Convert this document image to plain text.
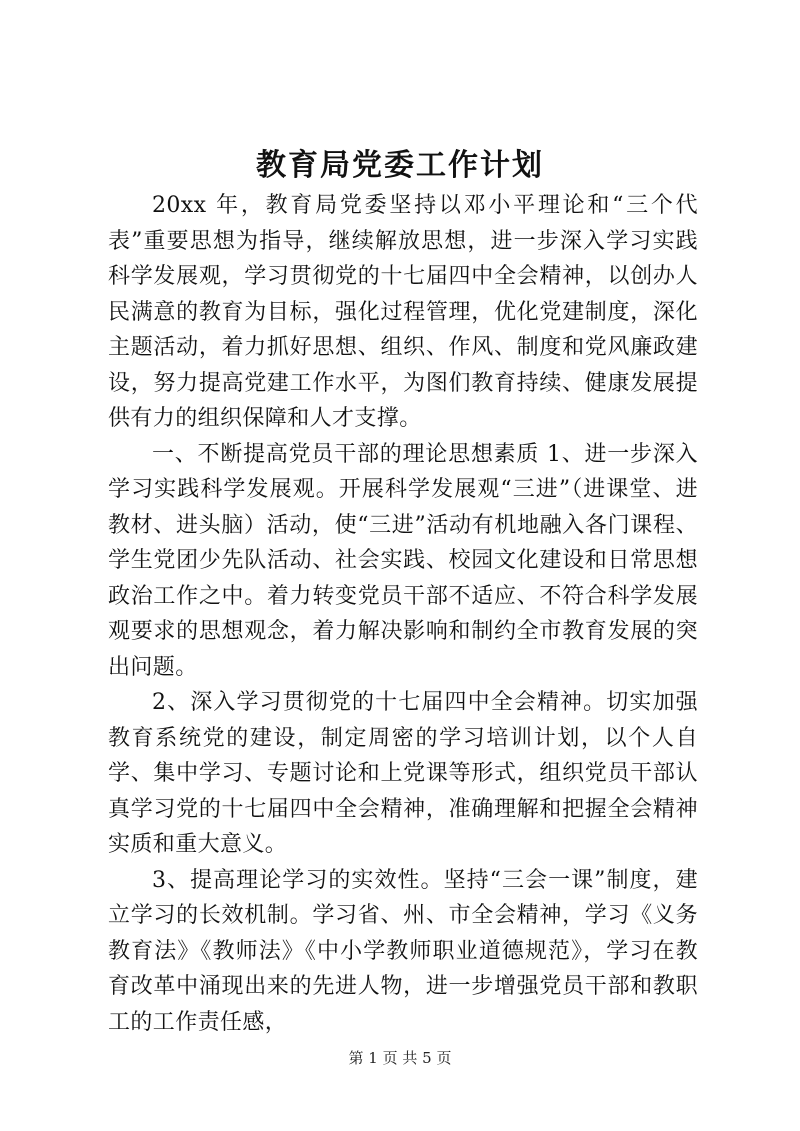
教育局党委工作计划

20xx 年，教育局党委坚持以邓小平理论和“三个代表”重要思想为指导，继续解放思想，进一步深入学习实践科学发展观，学习贯彻党的十七届四中全会精神，以创办人民满意的教育为目标，强化过程管理，优化党建制度，深化主题活动，着力抓好思想、组织、作风、制度和党风廉政建设，努力提高党建工作水平，为图们教育持续、健康发展提供有力的组织保障和人才支撑。

一、不断提高党员干部的理论思想素质 1、进一步深入学习实践科学发展观。开展科学发展观“三进”（进课堂、进教材、进头脑）活动，使“三进”活动有机地融入各门课程、学生党团少先队活动、社会实践、校园文化建设和日常思想政治工作之中。着力转变党员干部不适应、不符合科学发展观要求的思想观念，着力解决影响和制约全市教育发展的突出问题。

2、深入学习贯彻党的十七届四中全会精神。切实加强教育系统党的建设，制定周密的学习培训计划，以个人自学、集中学习、专题讨论和上党课等形式，组织党员干部认真学习党的十七届四中全会精神，准确理解和把握全会精神实质和重大意义。

3、提高理论学习的实效性。坚持“三会一课”制度，建立学习的长效机制。学习省、州、市全会精神，学习《义务教育法》《教师法》《中小学教师职业道德规范》，学习在教育改革中涌现出来的先进人物，进一步增强党员干部和教职工的工作责任感，

第 1 页 共 5 页
